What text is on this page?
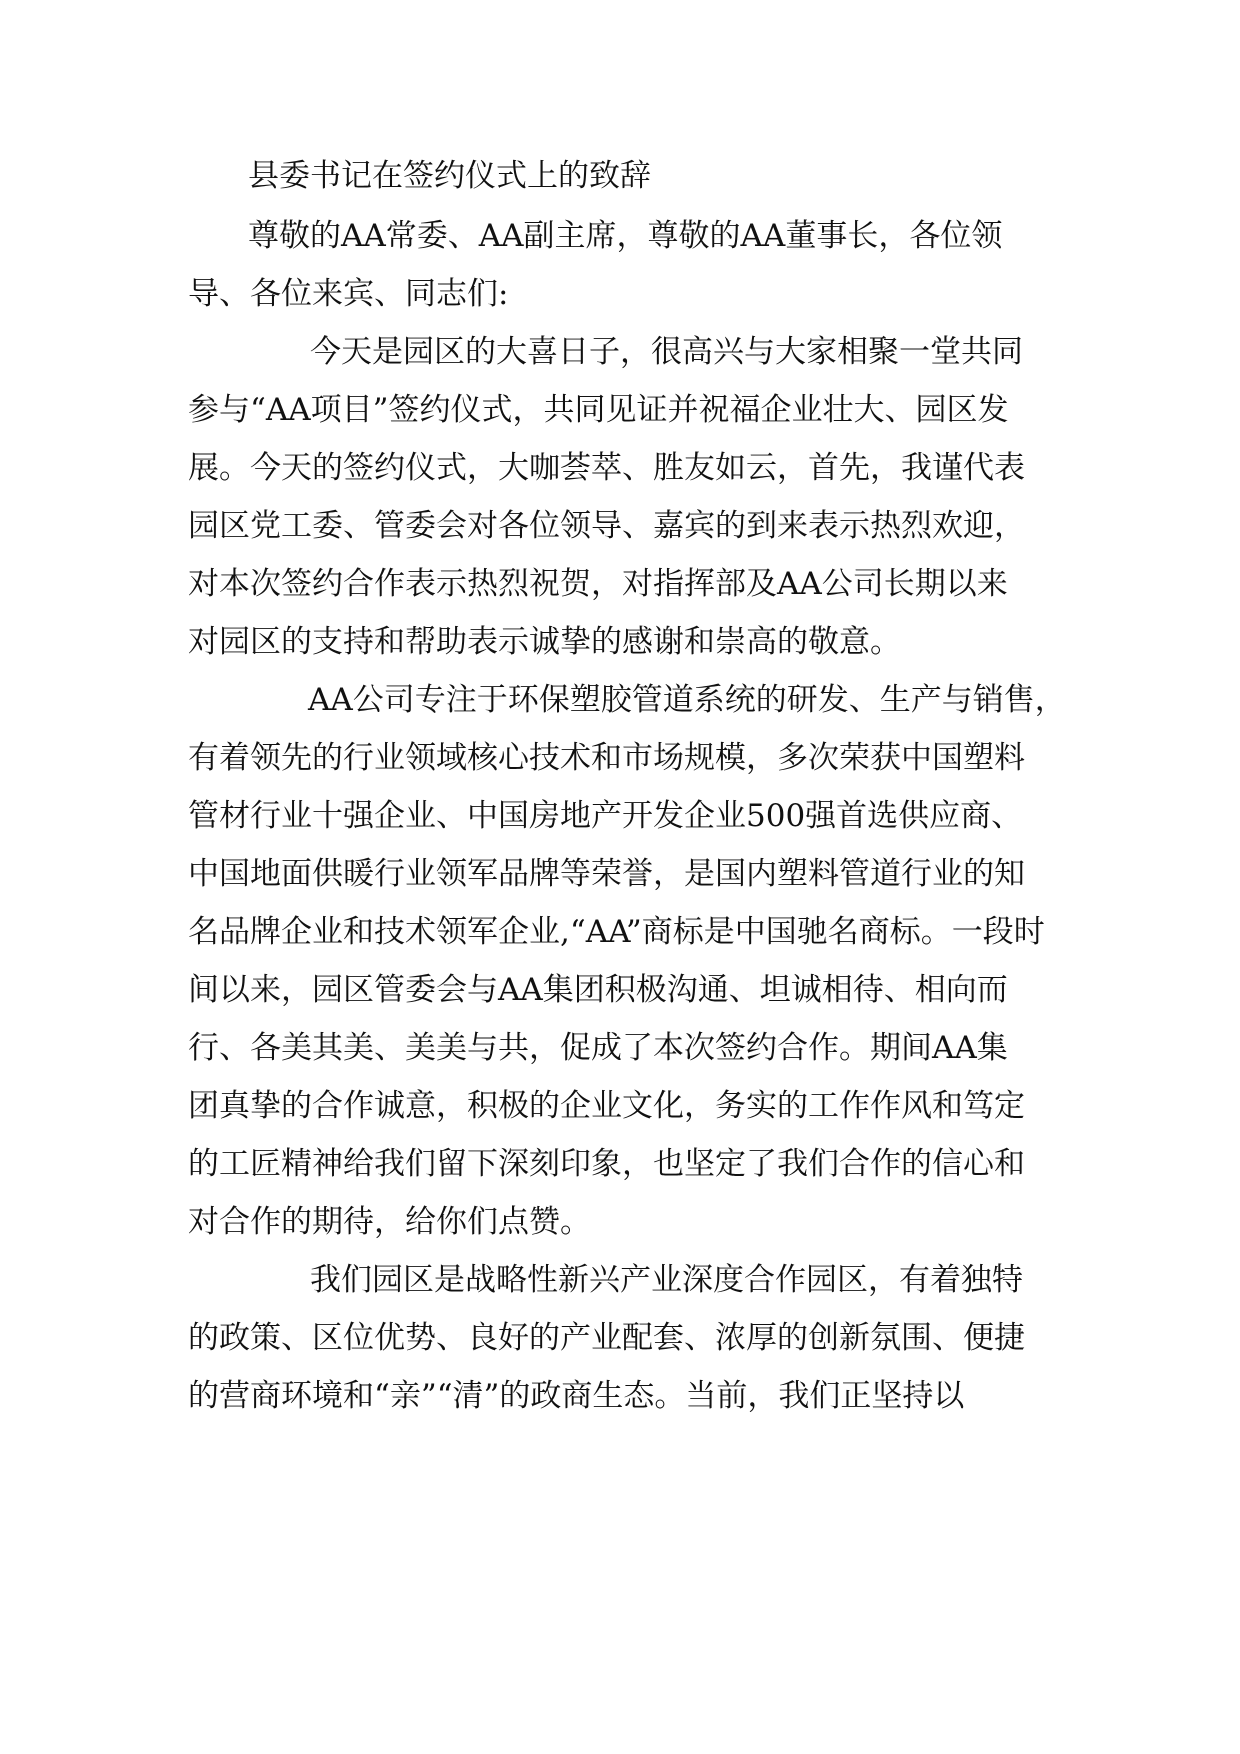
县委书记在签约仪式上的致辞

尊敬的AA常委、AA副主席，尊敬的AA董事长，各位领

导、各位来宾、同志们:

今天是园区的大喜日子，很高兴与大家相聚一堂共同

参与“AA项目”签约仪式，共同见证并祝福企业壮大、园区发

展。今天的签约仪式，大咖荟萃、胜友如云，首先，我谨代表

园区党工委、管委会对各位领导、嘉宾的到来表示热烈欢迎，

对本次签约合作表示热烈祝贺，对指挥部及AA公司长期以来

对园区的支持和帮助表示诚挚的感谢和崇高的敬意。

AA公司专注于环保塑胶管道系统的研发、生产与销售，

有着领先的行业领域核心技术和市场规模，多次荣获中国塑料

管材行业十强企业、中国房地产开发企业500强首选供应商、

中国地面供暖行业领军品牌等荣誉，是国内塑料管道行业的知

名品牌企业和技术领军企业,“AA”商标是中国驰名商标。一段时

间以来，园区管委会与AA集团积极沟通、坦诚相待、相向而

行、各美其美、美美与共，促成了本次签约合作。期间AA集

团真挚的合作诚意，积极的企业文化，务实的工作作风和笃定

的工匠精神给我们留下深刻印象，也坚定了我们合作的信心和

对合作的期待，给你们点赞。

我们园区是战略性新兴产业深度合作园区，有着独特

的政策、区位优势、良好的产业配套、浓厚的创新氛围、便捷

的营商环境和“亲”“清”的政商生态。当前，我们正坚持以
